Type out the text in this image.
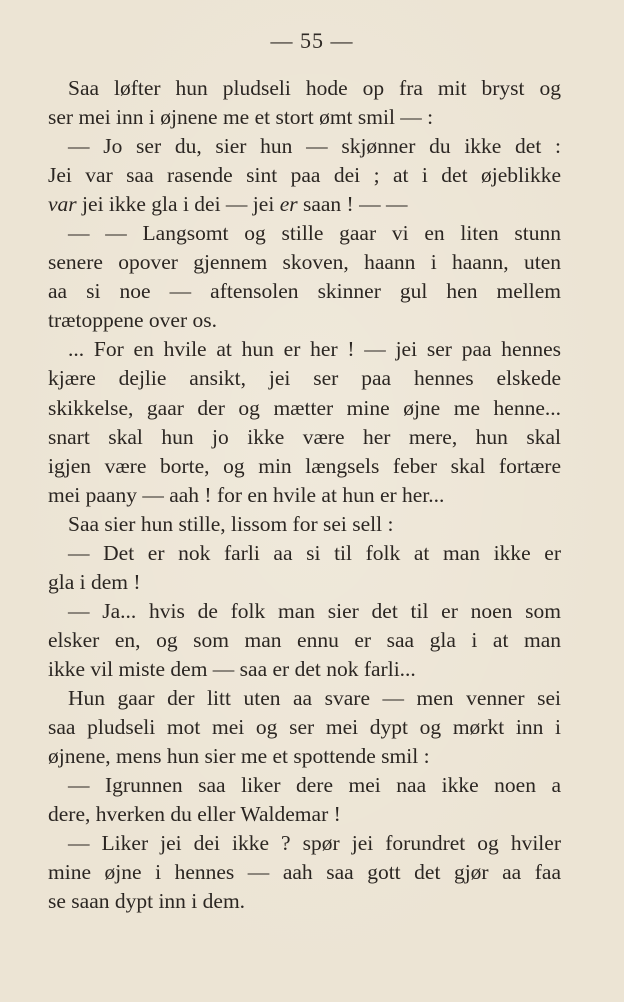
— 55 —
Saa løfter hun pludseli hode op fra mit bryst og
ser mei inn i øjnene me et stort ømt smil — :
— Jo ser du, sier hun — skjønner du ikke det :
Jei var saa rasende sint paa dei ; at i det øjeblikke
var jei ikke gla i dei — jei er saan ! — —
— — Langsomt og stille gaar vi en liten stunn
senere opover gjennem skoven, haann i haann, uten
aa si noe — aftensolen skinner gul hen mellem
trætoppene over os.
... For en hvile at hun er her ! — jei ser paa hennes
kjære dejlie ansikt, jei ser paa hennes elskede
skikkelse, gaar der og mætter mine øjne me henne...
snart skal hun jo ikke være her mere, hun skal
igjen være borte, og min længsels feber skal fortære
mei paany — aah ! for en hvile at hun er her...
Saa sier hun stille, lissom for sei sell :
— Det er nok farli aa si til folk at man ikke er
gla i dem !
— Ja... hvis de folk man sier det til er noen som
elsker en, og som man ennu er saa gla i at man
ikke vil miste dem — saa er det nok farli...
Hun gaar der litt uten aa svare — men venner sei
saa pludseli mot mei og ser mei dypt og mørkt inn i
øjnene, mens hun sier me et spottende smil :
— Igrunnen saa liker dere mei naa ikke noen a
dere, hverken du eller Waldemar !
— Liker jei dei ikke ? spør jei forundret og hviler
mine øjne i hennes — aah saa gott det gjør aa faa
se saan dypt inn i dem.
